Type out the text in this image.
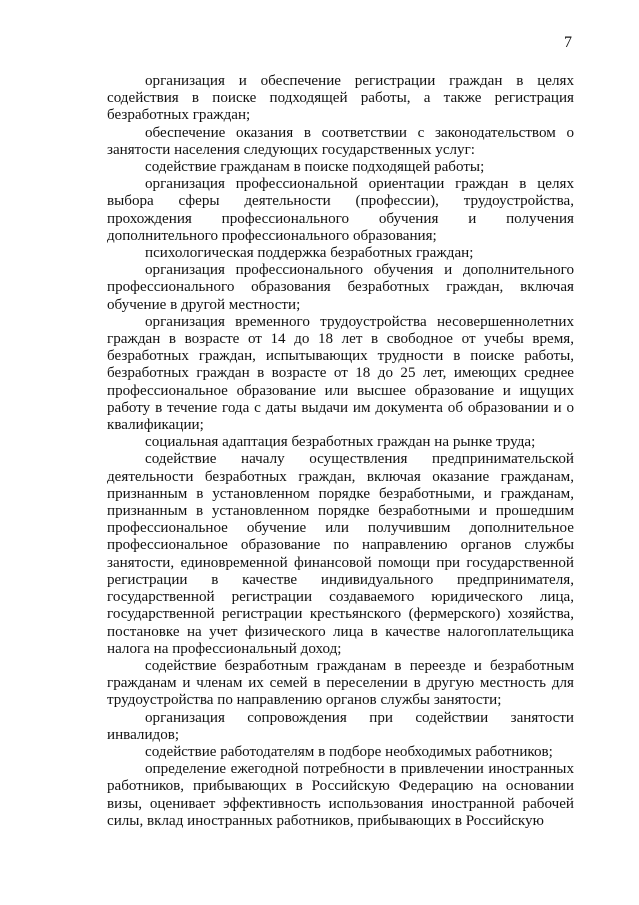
7

организация и обеспечение регистрации граждан в целях содействия в поиске подходящей работы, а также регистрация безработных граждан;

обеспечение оказания в соответствии с законодательством о занятости населения следующих государственных услуг:

содействие гражданам в поиске подходящей работы;

организация профессиональной ориентации граждан в целях выбора сферы деятельности (профессии), трудоустройства, прохождения профессионального обучения и получения дополнительного профессионального образования;

психологическая поддержка безработных граждан;

организация профессионального обучения и дополнительного профессионального образования безработных граждан, включая обучение в другой местности;

организация временного трудоустройства несовершеннолетних граждан в возрасте от 14 до 18 лет в свободное от учебы время, безработных граждан, испытывающих трудности в поиске работы, безработных граждан в возрасте от 18 до 25 лет, имеющих среднее профессиональное образование или высшее образование и ищущих работу в течение года с даты выдачи им документа об образовании и о квалификации;

социальная адаптация безработных граждан на рынке труда;

содействие началу осуществления предпринимательской деятельности безработных граждан, включая оказание гражданам, признанным в установленном порядке безработными, и гражданам, признанным в установленном порядке безработными и прошедшим профессиональное обучение или получившим дополнительное профессиональное образование по направлению органов службы занятости, единовременной финансовой помощи при государственной регистрации в качестве индивидуального предпринимателя, государственной регистрации создаваемого юридического лица, государственной регистрации крестьянского (фермерского) хозяйства, постановке на учет физического лица в качестве налогоплательщика налога на профессиональный доход;

содействие безработным гражданам в переезде и безработным гражданам и членам их семей в переселении в другую местность для трудоустройства по направлению органов службы занятости;

организация сопровождения при содействии занятости инвалидов;

содействие работодателям в подборе необходимых работников;

определение ежегодной потребности в привлечении иностранных работников, прибывающих в Российскую Федерацию на основании визы, оценивает эффективность использования иностранной рабочей силы, вклад иностранных работников, прибывающих в Российскую
